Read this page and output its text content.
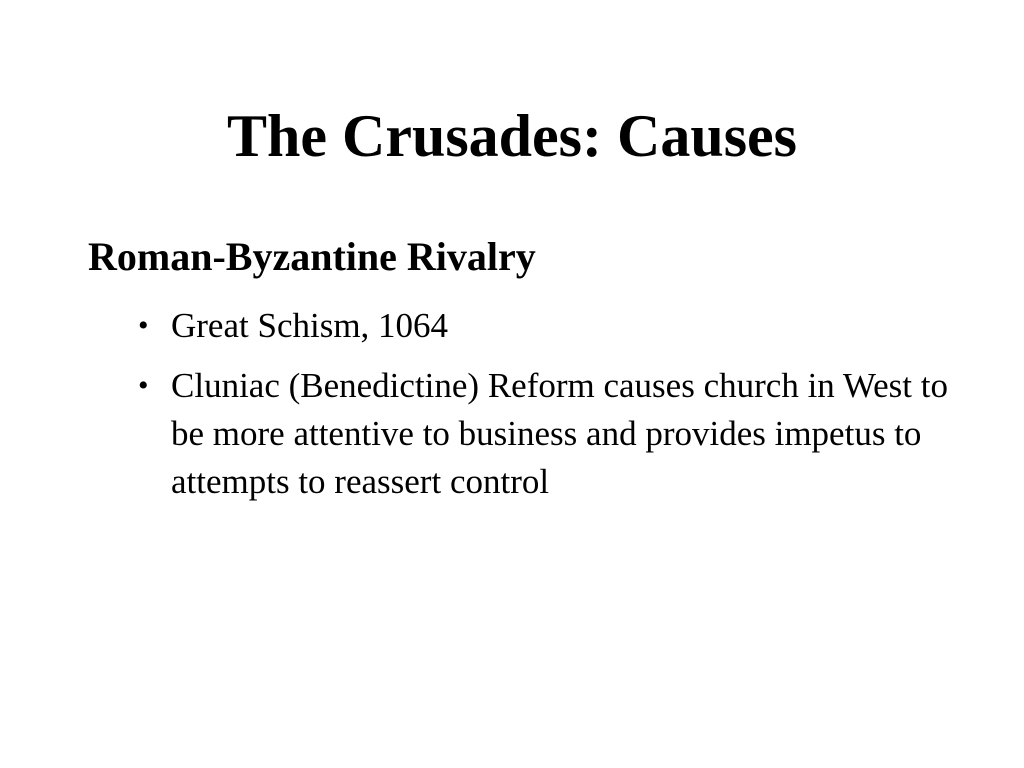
The Crusades: Causes
Roman-Byzantine Rivalry
• Great Schism, 1064
• Cluniac (Benedictine) Reform causes church in West to be more attentive to business and provides impetus to attempts to reassert control
